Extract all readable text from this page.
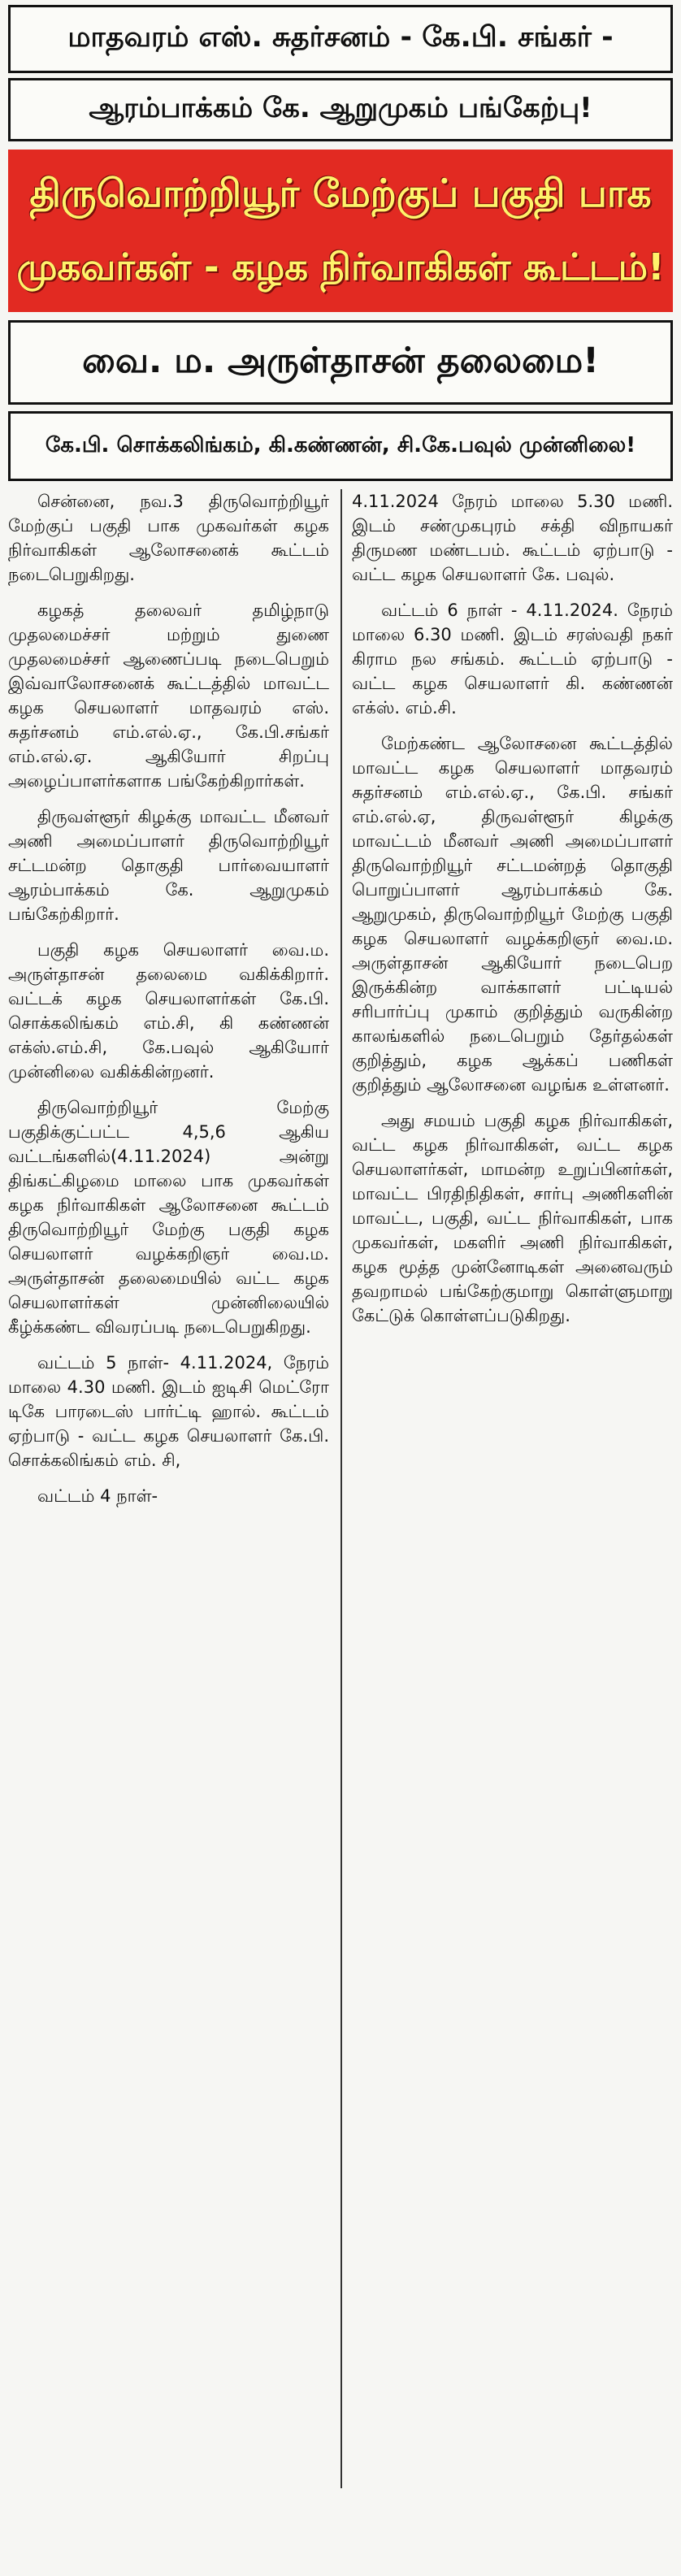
மாதவரம் எஸ். சுதர்சனம் - கே.பி. சங்கர் -
ஆரம்பாக்கம் கே. ஆறுமுகம் பங்கேற்பு!
திருவொற்றியூர் மேற்குப் பகுதி பாக
முகவர்கள் - கழக நிர்வாகிகள் கூட்டம்!
வை. ம. அருள்தாசன் தலைமை!
கே.பி. சொக்கலிங்கம், கி.கண்ணன், சி.கே.பவுல் முன்னிலை!

சென்னை, நவ.3 திருவொற்றியூர் மேற்குப் பகுதி பாக முகவர்கள் கழக நிர்வாகிகள் ஆலோசனைக் கூட்டம் நடைபெறுகிறது.

கழகத் தலைவர் தமிழ்நாடு முதலமைச்சர் மற்றும் துணை முதலமைச்சர் ஆணைப்படி நடைபெறும் இவ்வாலோசனைக் கூட்டத்தில் மாவட்ட கழக செயலாளர் மாதவரம் எஸ். சுதர்சனம் எம்.எல்.ஏ., கே.பி.சங்கர் எம்.எல்.ஏ. ஆகியோர் சிறப்பு அழைப்பாளர்களாக பங்கேற்கிறார்கள்.

திருவள்ளூர் கிழக்கு மாவட்ட மீனவர் அணி அமைப்பாளர் திருவொற்றியூர் சட்டமன்ற தொகுதி பார்வையாளர் ஆரம்பாக்கம் கே. ஆறுமுகம் பங்கேற்கிறார்.

பகுதி கழக செயலாளர் வை.ம. அருள்தாசன் தலைமை வகிக்கிறார். வட்டக் கழக செயலாளர்கள் கே.பி. சொக்கலிங்கம் எம்.சி, கி கண்ணன் எக்ஸ்.எம்.சி, கே.பவுல் ஆகியோர் முன்னிலை வகிக்கின்றனர்.

திருவொற்றியூர் மேற்கு பகுதிக்குட்பட்ட 4,5,6 ஆகிய வட்டங்களில்(4.11.2024) அன்று திங்கட்கிழமை மாலை பாக முகவர்கள் கழக நிர்வாகிகள் ஆலோசனை கூட்டம் திருவொற்றியூர் மேற்கு பகுதி கழக செயலாளர் வழக்கறிஞர் வை.ம. அருள்தாசன் தலைமையில் வட்ட கழக செயலாளர்கள் முன்னிலையில் கீழ்க்கண்ட விவரப்படி நடைபெறுகிறது.

வட்டம் 5 நாள்- 4.11.2024, நேரம் மாலை 4.30 மணி. இடம் ஐடிசி மெட்ரோ டிகே பாரடைஸ் பார்ட்டி ஹால். கூட்டம் ஏற்பாடு - வட்ட கழக செயலாளர் கே.பி. சொக்கலிங்கம் எம். சி,

வட்டம் 4 நாள்-

4.11.2024 நேரம் மாலை 5.30 மணி. இடம் சண்முகபுரம் சக்தி விநாயகர் திருமண மண்டபம். கூட்டம் ஏற்பாடு - வட்ட கழக செயலாளர் கே. பவுல்.

வட்டம் 6 நாள் - 4.11.2024. நேரம் மாலை 6.30 மணி. இடம் சரஸ்வதி நகர் கிராம நல சங்கம். கூட்டம் ஏற்பாடு - வட்ட கழக செயலாளர் கி. கண்ணன் எக்ஸ். எம்.சி.

மேற்கண்ட ஆலோசனை கூட்டத்தில் மாவட்ட கழக செயலாளர் மாதவரம் சுதர்சனம் எம்.எல்.ஏ., கே.பி. சங்கர் எம்.எல்.ஏ, திருவள்ளூர் கிழக்கு மாவட்டம் மீனவர் அணி அமைப்பாளர் திருவொற்றியூர் சட்டமன்றத் தொகுதி பொறுப்பாளர் ஆரம்பாக்கம் கே. ஆறுமுகம், திருவொற்றியூர் மேற்கு பகுதி கழக செயலாளர் வழக்கறிஞர் வை.ம. அருள்தாசன் ஆகியோர் நடைபெற இருக்கின்ற வாக்காளர் பட்டியல் சரிபார்ப்பு முகாம் குறித்தும் வருகின்ற காலங்களில் நடைபெறும் தேர்தல்கள் குறித்தும், கழக ஆக்கப் பணிகள் குறித்தும் ஆலோசனை வழங்க உள்ளனர்.

அது சமயம் பகுதி கழக நிர்வாகிகள், வட்ட கழக நிர்வாகிகள், வட்ட கழக செயலாளர்கள், மாமன்ற உறுப்பினர்கள், மாவட்ட பிரதிநிதிகள், சார்பு அணிகளின் மாவட்ட, பகுதி, வட்ட நிர்வாகிகள், பாக முகவர்கள், மகளிர் அணி நிர்வாகிகள், கழக மூத்த முன்னோடிகள் அனைவரும் தவறாமல் பங்கேற்குமாறு கொள்ளுமாறு கேட்டுக் கொள்ளப்படுகிறது.
